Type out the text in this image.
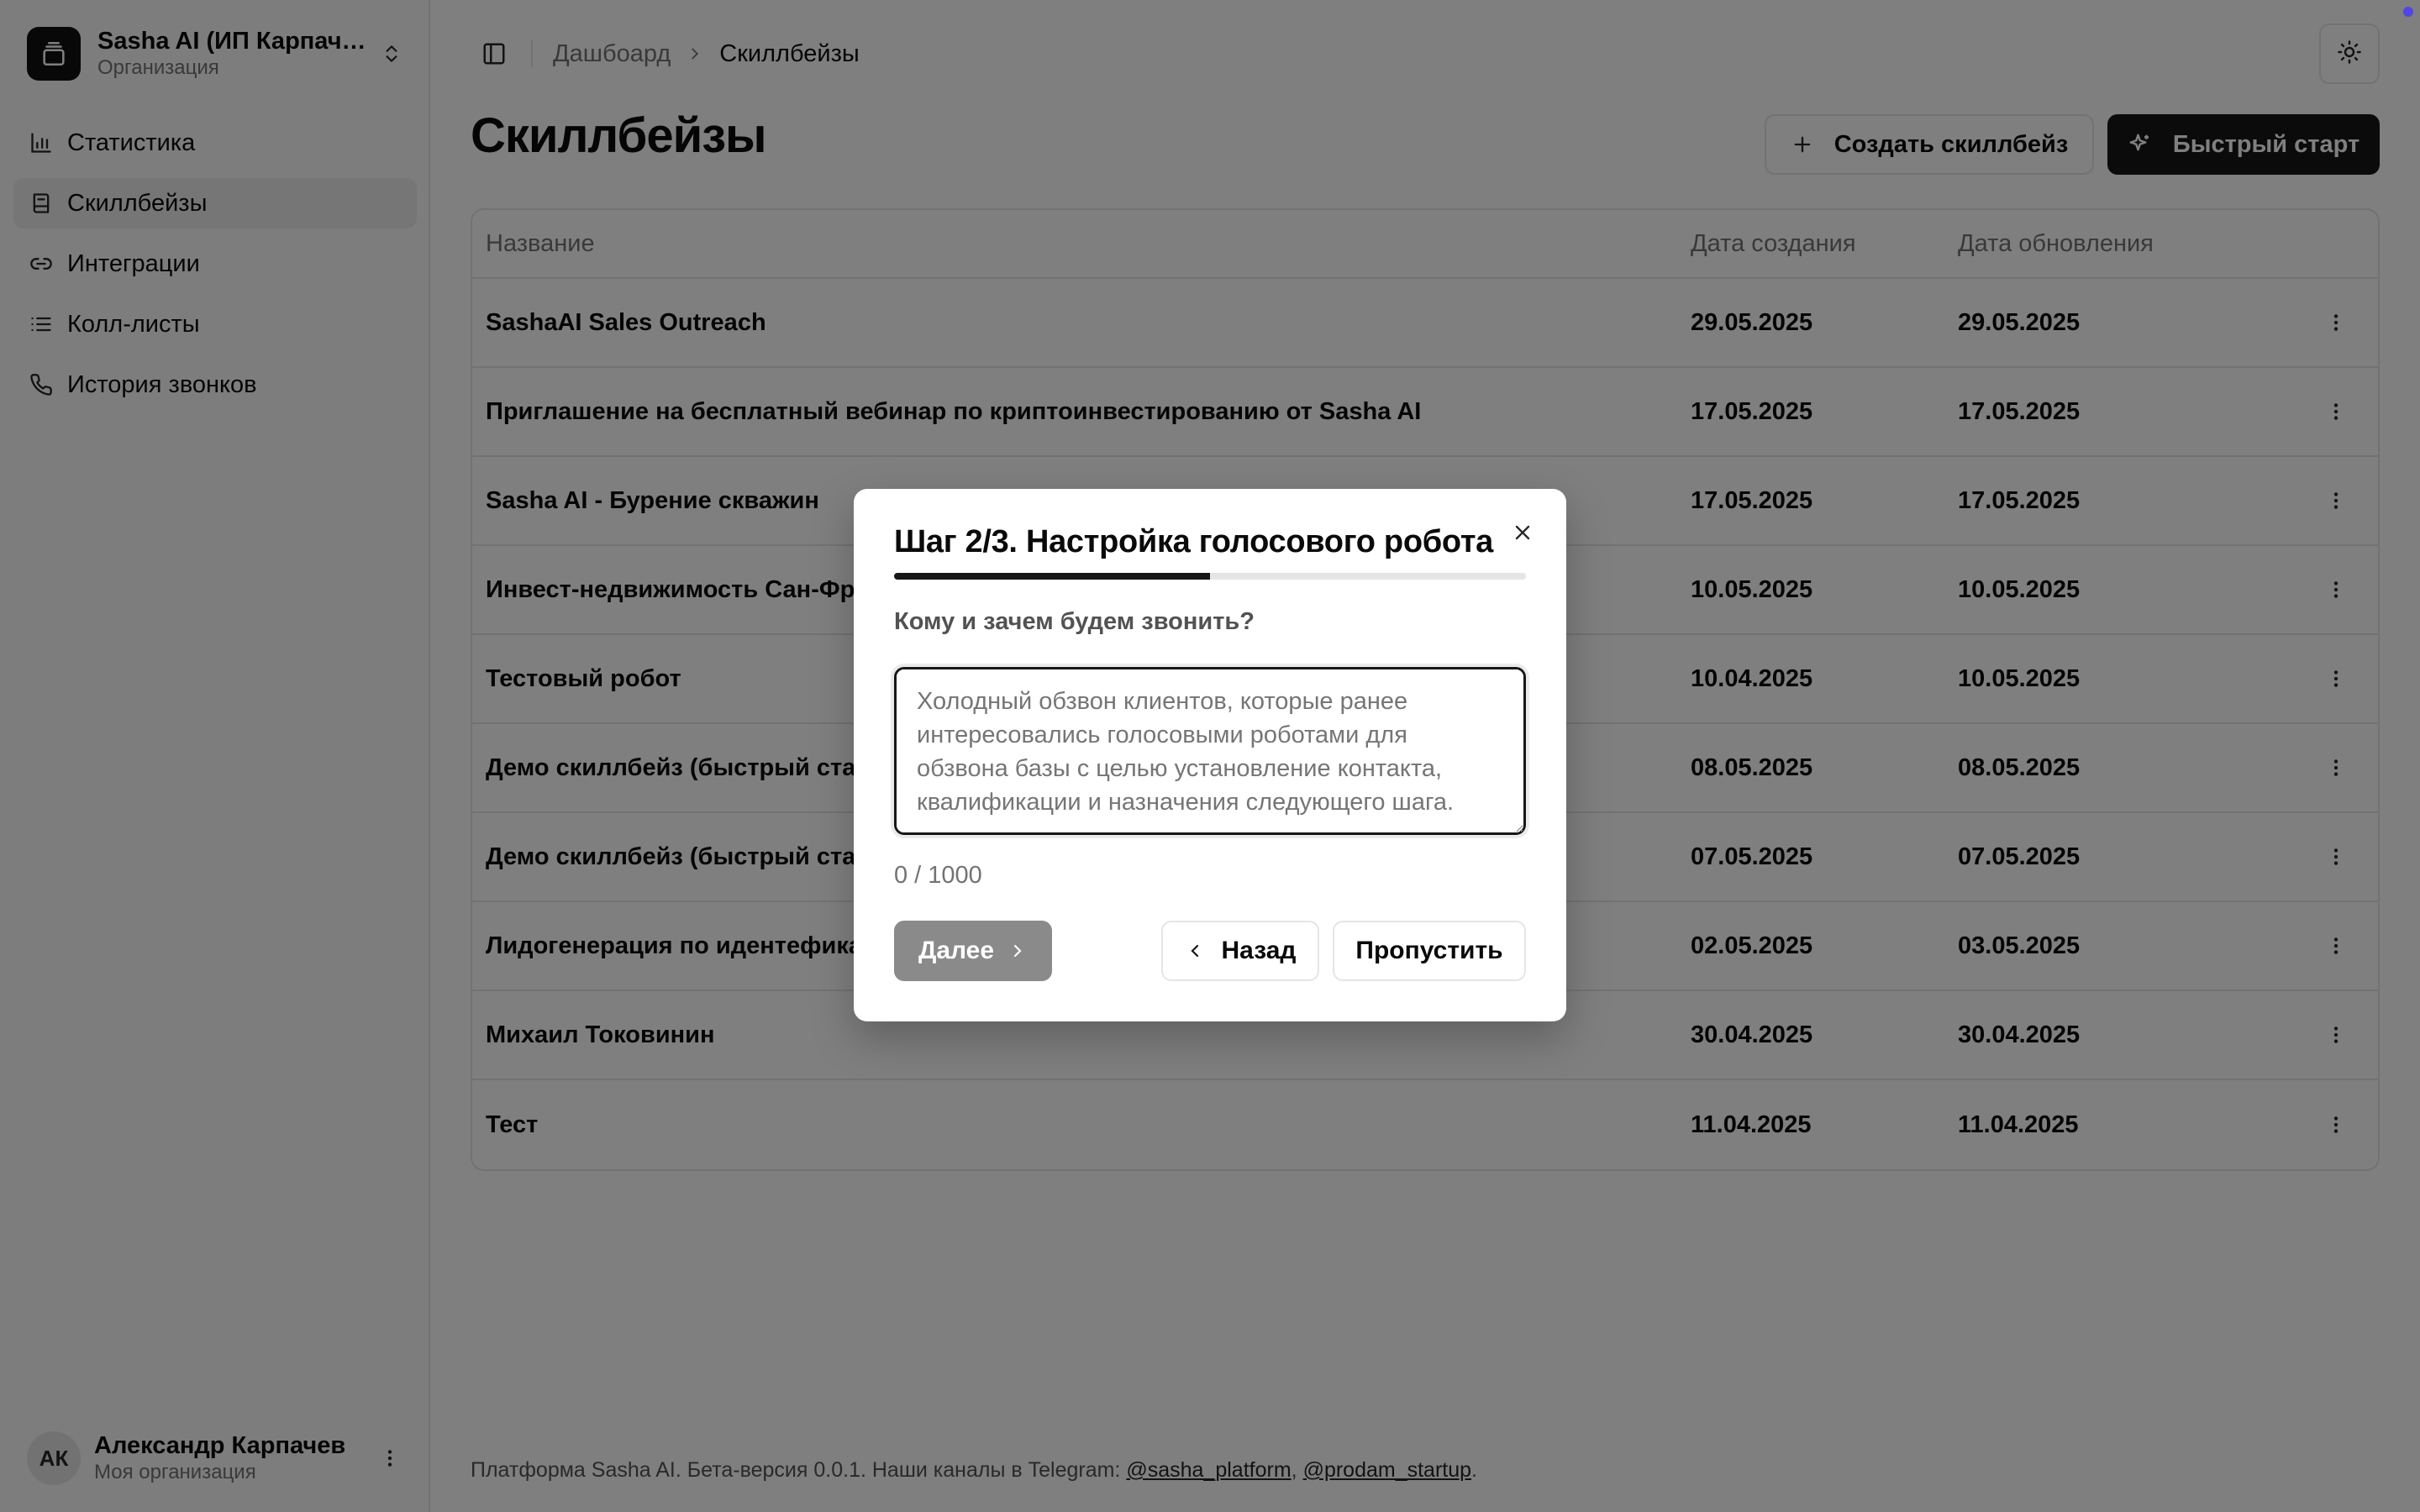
Шаг 2/3. Настройка голосового робота
Кому и зачем будем звонить?
Холодный обзвон клиентов, которые ранее интересовались голосовыми роботами для обзвона базы с целью установление контакта, квалификации и назначения следующего шага.
0 / 1000
Далее	Назад Пропустить
